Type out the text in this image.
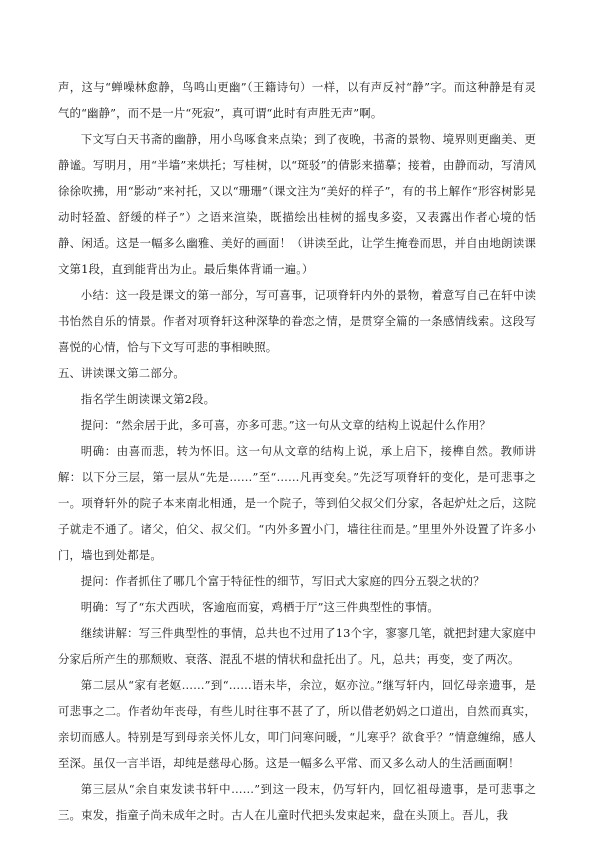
声，这与“蝉噪林愈静，鸟鸣山更幽”（王籍诗句）一样，以有声反衬“静”字。而这种静是有灵气的“幽静”，而不是一片“死寂”，真可谓“此时有声胜无声”啊。

下文写白天书斋的幽静，用小鸟啄食来点染；到了夜晚，书斋的景物、境界则更幽美、更静谧。写明月，用“半墙”来烘托；写桂树，以“斑驳”的倩影来描摹；接着，由静而动，写清风徐徐吹拂，用“影动”来衬托，又以“珊珊”（课文注为“美好的样子”，有的书上解作“形容树影晃动时轻盈、舒缓的样子”）之语来渲染，既描绘出桂树的摇曳多姿，又表露出作者心境的恬静、闲适。这是一幅多么幽雅、美好的画面！（讲读至此，让学生掩卷而思，并自由地朗读课文第1段，直到能背出为止。最后集体背诵一遍。）

小结：这一段是课文的第一部分，写可喜事，记项脊轩内外的景物，着意写自己在轩中读书怡然自乐的情景。作者对项脊轩这种深挚的眷恋之情，是贯穿全篇的一条感情线索。这段写喜悦的心情，恰与下文写可悲的事相映照。

五、讲读课文第二部分。

指名学生朗读课文第2段。

提问：“然余居于此，多可喜，亦多可悲。”这一句从文章的结构上说起什么作用？

明确：由喜而悲，转为怀旧。这一句从文章的结构上说，承上启下，接榫自然。教师讲解：以下分三层，第一层从“先是……”至“……凡再变矣。”先泛写项脊轩的变化，是可悲事之一。项脊轩外的院子本来南北相通，是一个院子，等到伯父叔父们分家，各起炉灶之后，这院子就走不通了。诸父，伯父、叔父们。“内外多置小门，墙往往而是。”里里外外设置了许多小门，墙也到处都是。

提问：作者抓住了哪几个富于特征性的细节，写旧式大家庭的四分五裂之状的？

明确：写了“东犬西吠，客逾庖而宴，鸡栖于厅”这三件典型性的事情。

继续讲解：写三件典型性的事情，总共也不过用了13个字，寥寥几笔，就把封建大家庭中分家后所产生的那颓败、衰落、混乱不堪的情状和盘托出了。凡，总共；再变，变了两次。

第二层从“家有老妪……”到“……语未毕，余泣，妪亦泣。”继写轩内，回忆母亲遗事，是可悲事之二。作者幼年丧母，有些儿时往事不甚了了，所以借老奶妈之口道出，自然而真实，亲切而感人。特别是写到母亲关怀儿女，叩门问寒问暖，“儿寒乎？欲食乎？”情意缠绵，感人至深。虽仅一言半语，却纯是慈母心肠。这是一幅多么平常、而又多么动人的生活画面啊！

第三层从“余自束发读书轩中……”到这一段末，仍写轩内，回忆祖母遗事，是可悲事之三。束发，指童子尚未成年之时。古人在儿童时代把头发束起来，盘在头顶上。吾儿，我
